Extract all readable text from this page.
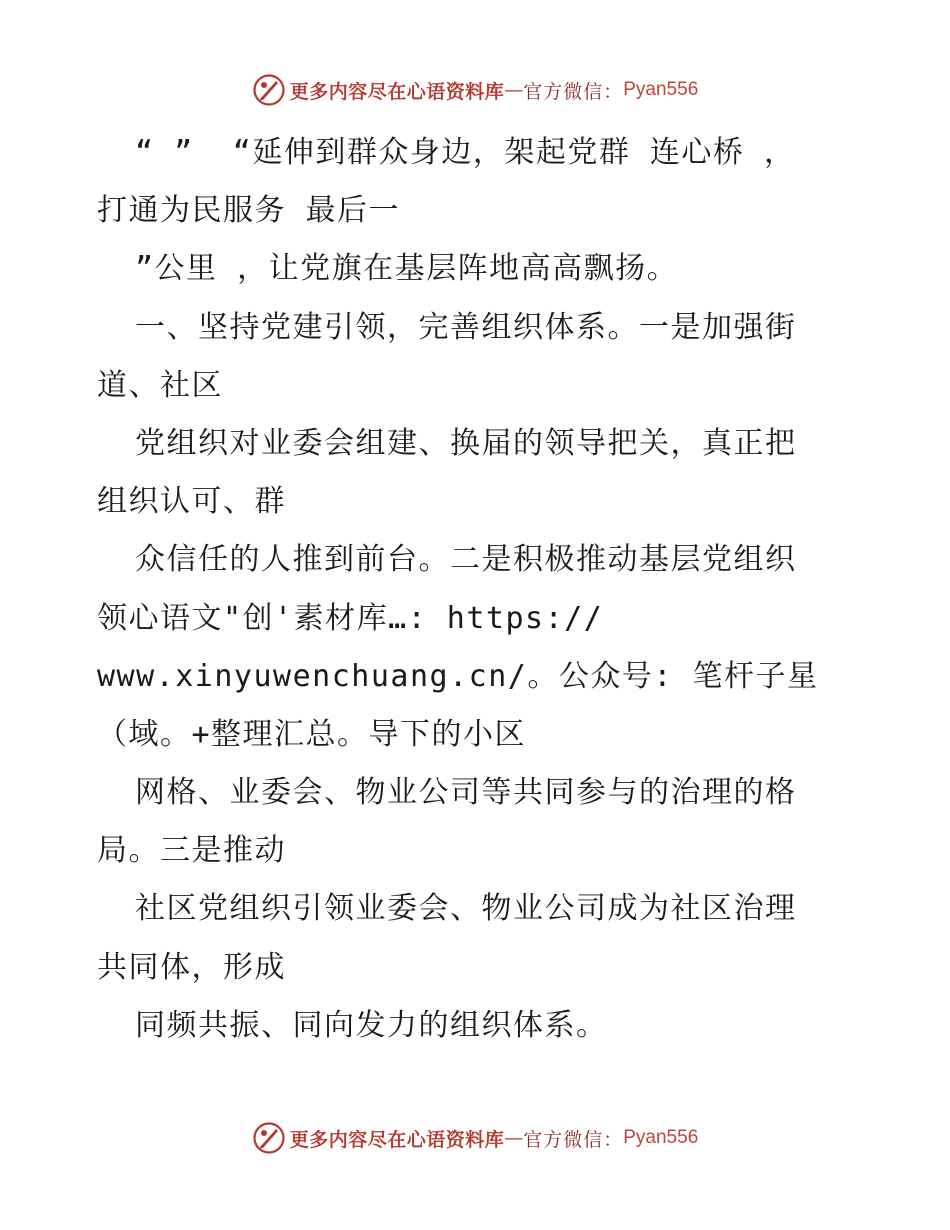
更多内容尽在心语资料库 — 官方微信： Pyan556
“ ”  “延伸到群众身边，架起党群 连心桥 ，
打通为民服务 最后一
”公里 ，让党旗在基层阵地高高飘扬。
一、坚持党建引领，完善组织体系。一是加强街
道、社区
党组织对业委会组建、换届的领导把关，真正把
组织认可、群
众信任的人推到前台。二是积极推动基层党组织
领心语文"创'素材库…: https://
www.xinyuwenchuang.cn/。公众号: 笔杆子星
（域。+整理汇总。导下的小区
网格、业委会、物业公司等共同参与的治理的格
局。三是推动
社区党组织引领业委会、物业公司成为社区治理
共同体，形成
同频共振、同向发力的组织体系。
更多内容尽在心语资料库 — 官方微信： Pyan556
